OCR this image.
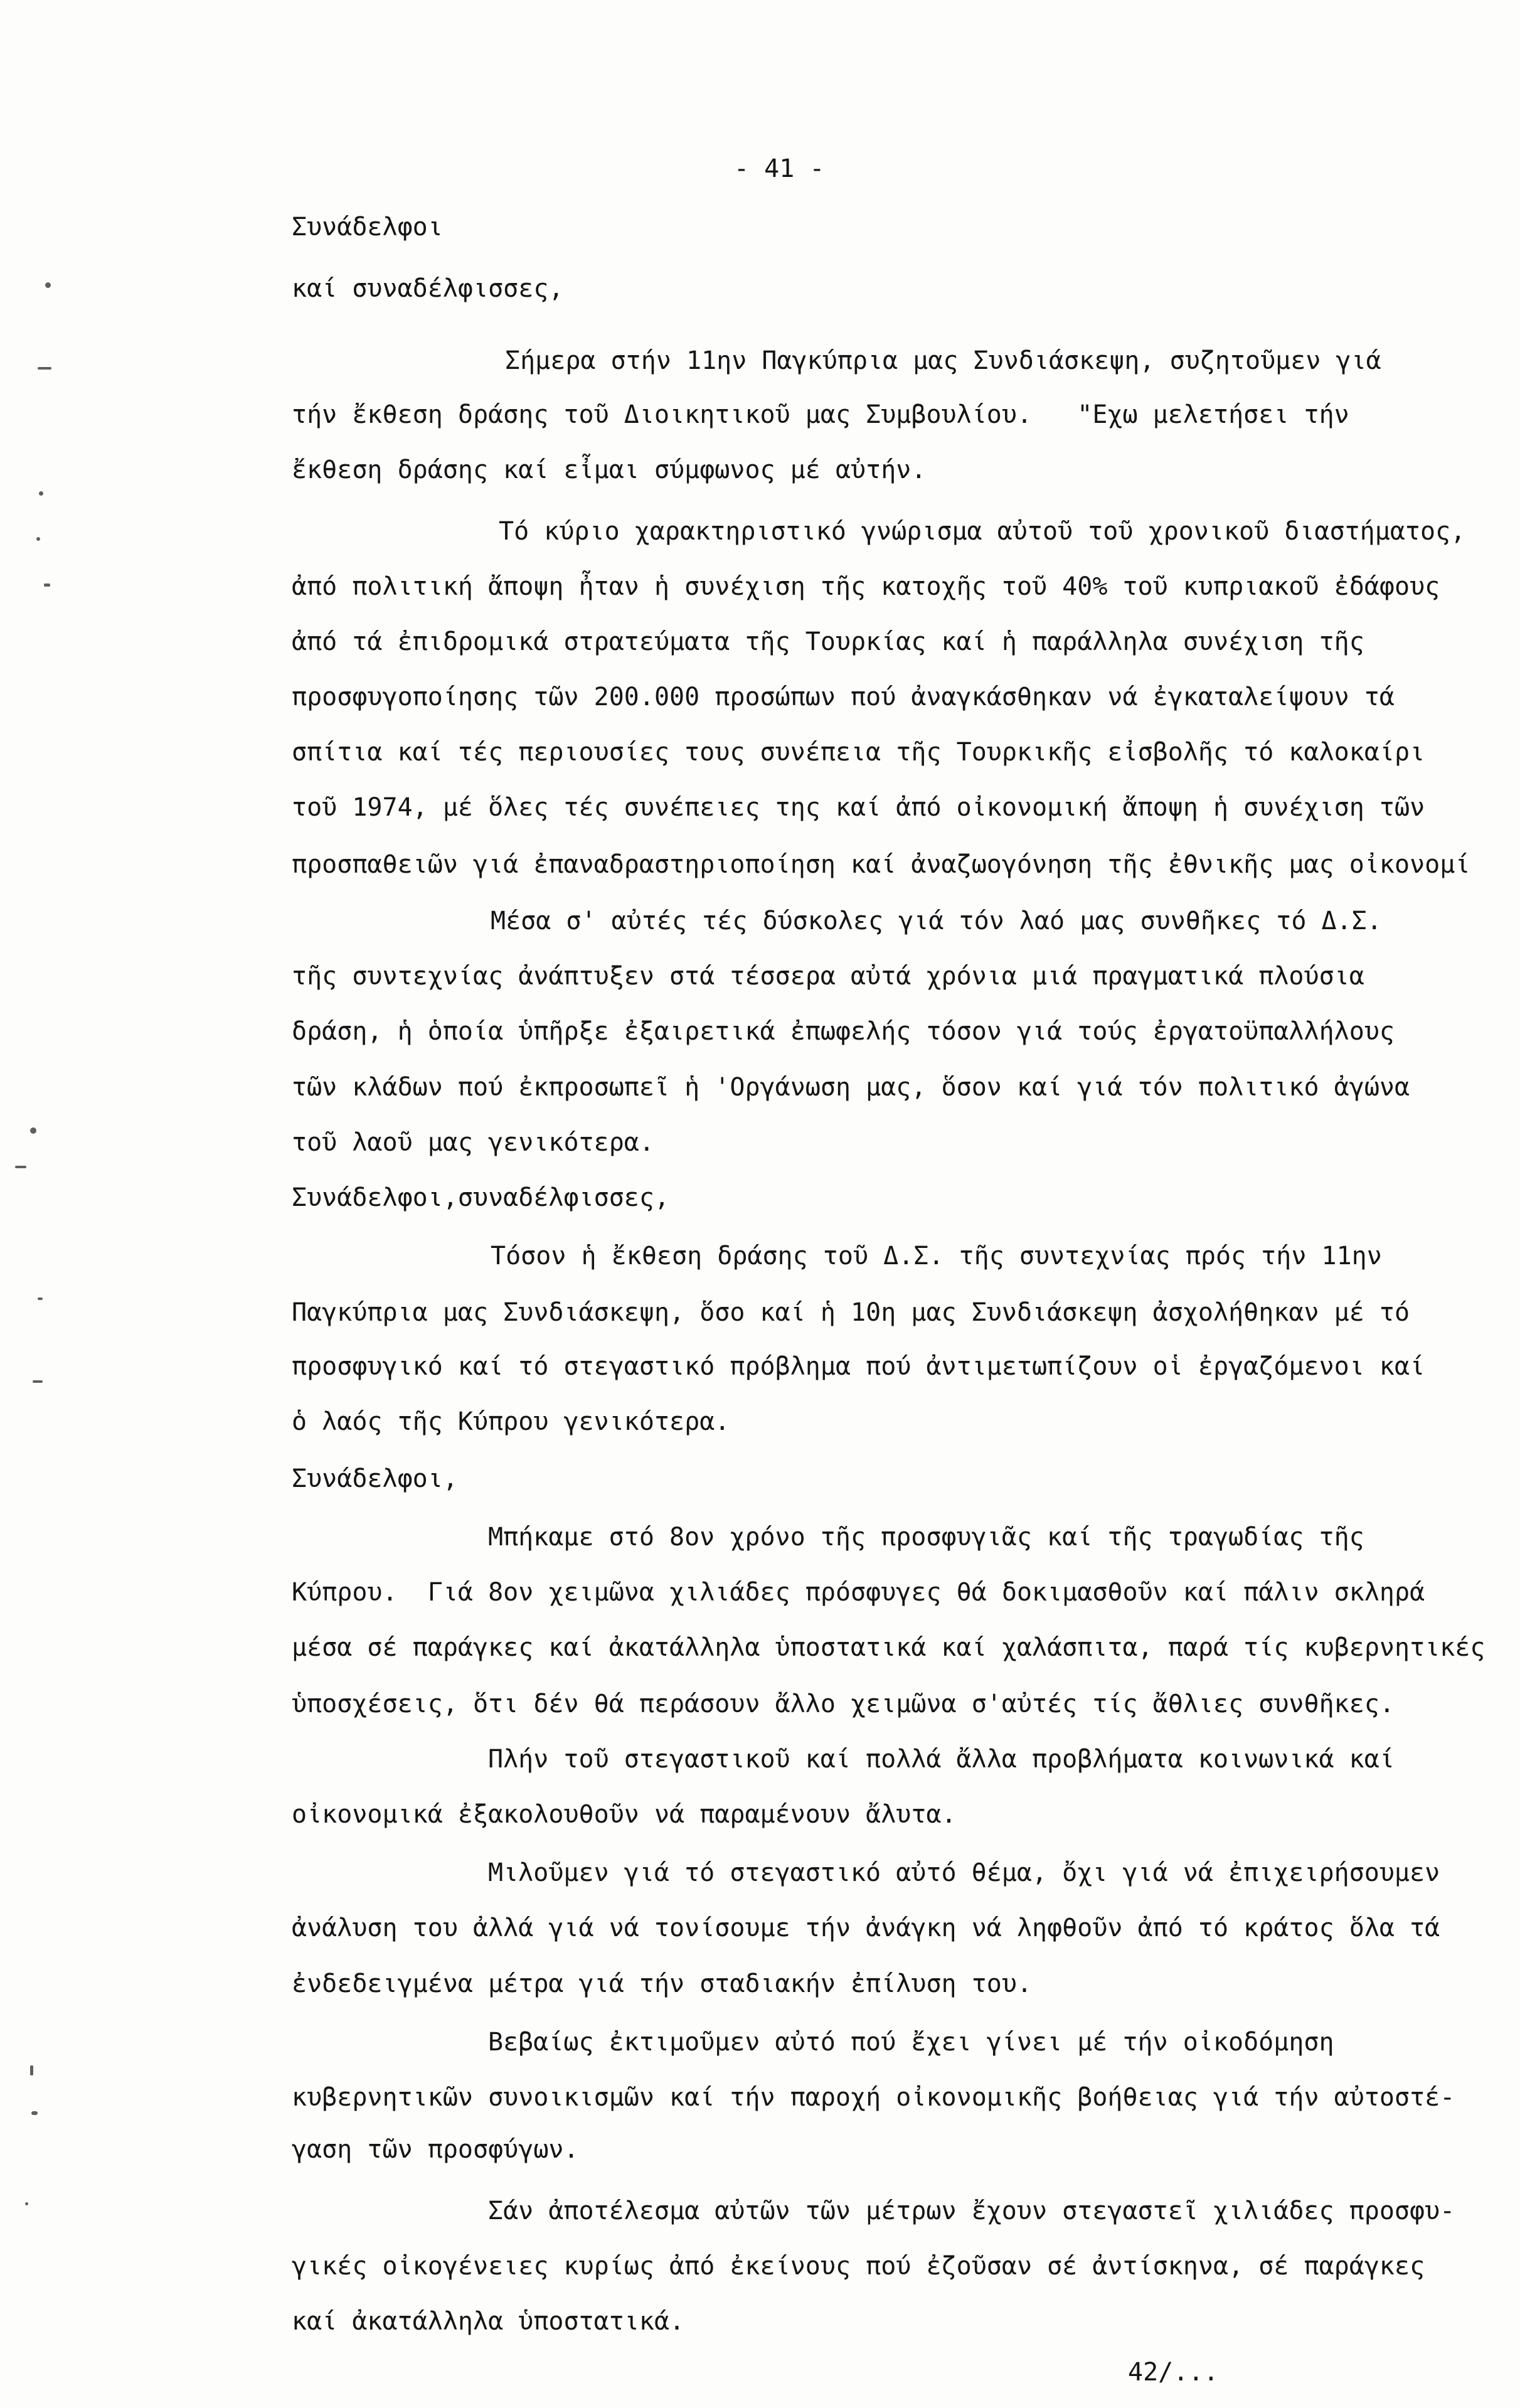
- 41 -
Συνάδελφοι
καί συναδέλφισσες,
Σήμερα στήν 11ην Παγκύπρια μας Συνδιάσκεψη, συζητοῦμεν γιά
τήν ἔκθεση δράσης τοῦ Διοικητικοῦ μας Συμβουλίου.   "Εχω μελετήσει τήν
ἔκθεση δράσης καί εἶμαι σύμφωνος μέ αὐτήν.
Τό κύριο χαρακτηριστικό γνώρισμα αὐτοῦ τοῦ χρονικοῦ διαστήματος,
ἀπό πολιτική ἄποψη ἦταν ἡ συνέχιση τῆς κατοχῆς τοῦ 40% τοῦ κυπριακοῦ ἐδάφους
ἀπό τά ἐπιδρομικά στρατεύματα τῆς Τουρκίας καί ἡ παράλληλα συνέχιση τῆς
προσφυγοποίησης τῶν 200.000 προσώπων πού ἀναγκάσθηκαν νά ἐγκαταλείψουν τά
σπίτια καί τές περιουσίες τους συνέπεια τῆς Τουρκικῆς εἰσβολῆς τό καλοκαίρι
τοῦ 1974, μέ ὅλες τές συνέπειες της καί ἀπό οἰκονομική ἄποψη ἡ συνέχιση τῶν
προσπαθειῶν γιά ἐπαναδραστηριοποίηση καί ἀναζωογόνηση τῆς ἐθνικῆς μας οἰκονομί
Μέσα σ' αὐτές τές δύσκολες γιά τόν λαό μας συνθῆκες τό Δ.Σ.
τῆς συντεχνίας ἀνάπτυξεν στά τέσσερα αὐτά χρόνια μιά πραγματικά πλούσια
δράση, ἡ ὁποία ὑπῆρξε ἐξαιρετικά ἐπωφελής τόσον γιά τούς ἐργατοϋπαλλήλους
τῶν κλάδων πού ἐκπροσωπεῖ ἡ 'Οργάνωση μας, ὅσον καί γιά τόν πολιτικό ἀγώνα
τοῦ λαοῦ μας γενικότερα.
Συνάδελφοι,συναδέλφισσες,
Τόσον ἡ ἔκθεση δράσης τοῦ Δ.Σ. τῆς συντεχνίας πρός τήν 11ην
Παγκύπρια μας Συνδιάσκεψη, ὅσο καί ἡ 10η μας Συνδιάσκεψη ἀσχολήθηκαν μέ τό
προσφυγικό καί τό στεγαστικό πρόβλημα πού ἀντιμετωπίζουν οἱ ἐργαζόμενοι καί
ὁ λαός τῆς Κύπρου γενικότερα.
Συνάδελφοι,
Μπήκαμε στό 8ον χρόνο τῆς προσφυγιᾶς καί τῆς τραγωδίας τῆς
Κύπρου.  Γιά 8ον χειμῶνα χιλιάδες πρόσφυγες θά δοκιμασθοῦν καί πάλιν σκληρά
μέσα σέ παράγκες καί ἀκατάλληλα ὑποστατικά καί χαλάσπιτα, παρά τίς κυβερνητικές
ὑποσχέσεις, ὅτι δέν θά περάσουν ἄλλο χειμῶνα σ'αὐτές τίς ἄθλιες συνθῆκες.
Πλήν τοῦ στεγαστικοῦ καί πολλά ἄλλα προβλήματα κοινωνικά καί
οἰκονομικά ἐξακολουθοῦν νά παραμένουν ἄλυτα.
Μιλοῦμεν γιά τό στεγαστικό αὐτό θέμα, ὄχι γιά νά ἐπιχειρήσουμεν
ἀνάλυση του ἀλλά γιά νά τονίσουμε τήν ἀνάγκη νά ληφθοῦν ἀπό τό κράτος ὅλα τά
ἐνδεδειγμένα μέτρα γιά τήν σταδιακήν ἐπίλυση του.
Βεβαίως ἐκτιμοῦμεν αὐτό πού ἔχει γίνει μέ τήν οἰκοδόμηση
κυβερνητικῶν συνοικισμῶν καί τήν παροχή οἰκονομικῆς βοήθειας γιά τήν αὐτοστέ-
γαση τῶν προσφύγων.
Σάν ἀποτέλεσμα αὐτῶν τῶν μέτρων ἔχουν στεγαστεῖ χιλιάδες προσφυ-
γικές οἰκογένειες κυρίως ἀπό ἐκείνους πού ἐζοῦσαν σέ ἀντίσκηνα, σέ παράγκες
καί ἀκατάλληλα ὑποστατικά.
42/...
